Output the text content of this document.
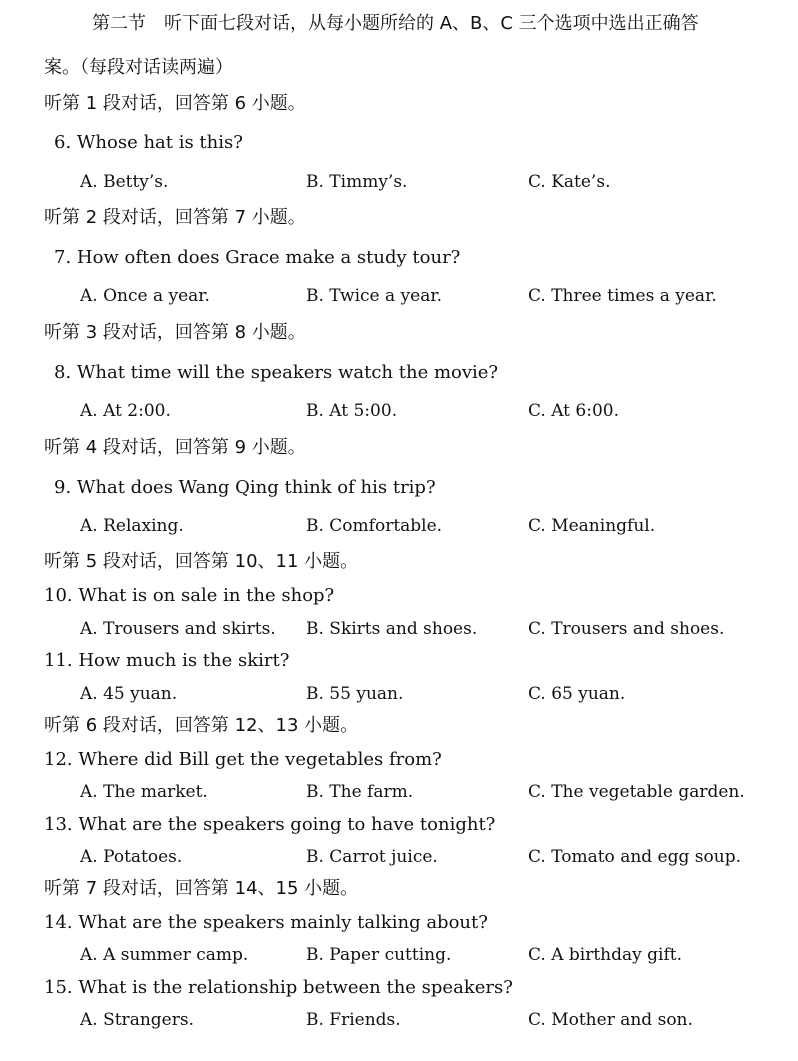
第二节　听下面七段对话，从每小题所给的 A、B、C 三个选项中选出正确答
案。（每段对话读两遍）
听第 1 段对话，回答第 6 小题。
6. Whose hat is this?
A. Betty’s.	B. Timmy’s.	C. Kate’s.
听第 2 段对话，回答第 7 小题。
7. How often does Grace make a study tour?
A. Once a year.	B. Twice a year.	C. Three times a year.
听第 3 段对话，回答第 8 小题。
8. What time will the speakers watch the movie?
A. At 2:00.	B. At 5:00.	C. At 6:00.
听第 4 段对话，回答第 9 小题。
9. What does Wang Qing think of his trip?
A. Relaxing.	B. Comfortable.	C. Meaningful.
听第 5 段对话，回答第 10、11 小题。
10. What is on sale in the shop?
A. Trousers and skirts. B. Skirts and shoes.	C. Trousers and shoes.
11. How much is the skirt?
A. 45 yuan.	B. 55 yuan.	C. 65 yuan.
听第 6 段对话，回答第 12、13 小题。
12. Where did Bill get the vegetables from?
A. The market.	B. The farm.	C. The vegetable garden.
13. What are the speakers going to have tonight?
A. Potatoes.	B. Carrot juice.	C. Tomato and egg soup.
听第 7 段对话，回答第 14、15 小题。
14. What are the speakers mainly talking about?
A. A summer camp.	B. Paper cutting.	C. A birthday gift.
15. What is the relationship between the speakers?
A. Strangers.	B. Friends.	C. Mother and son.
